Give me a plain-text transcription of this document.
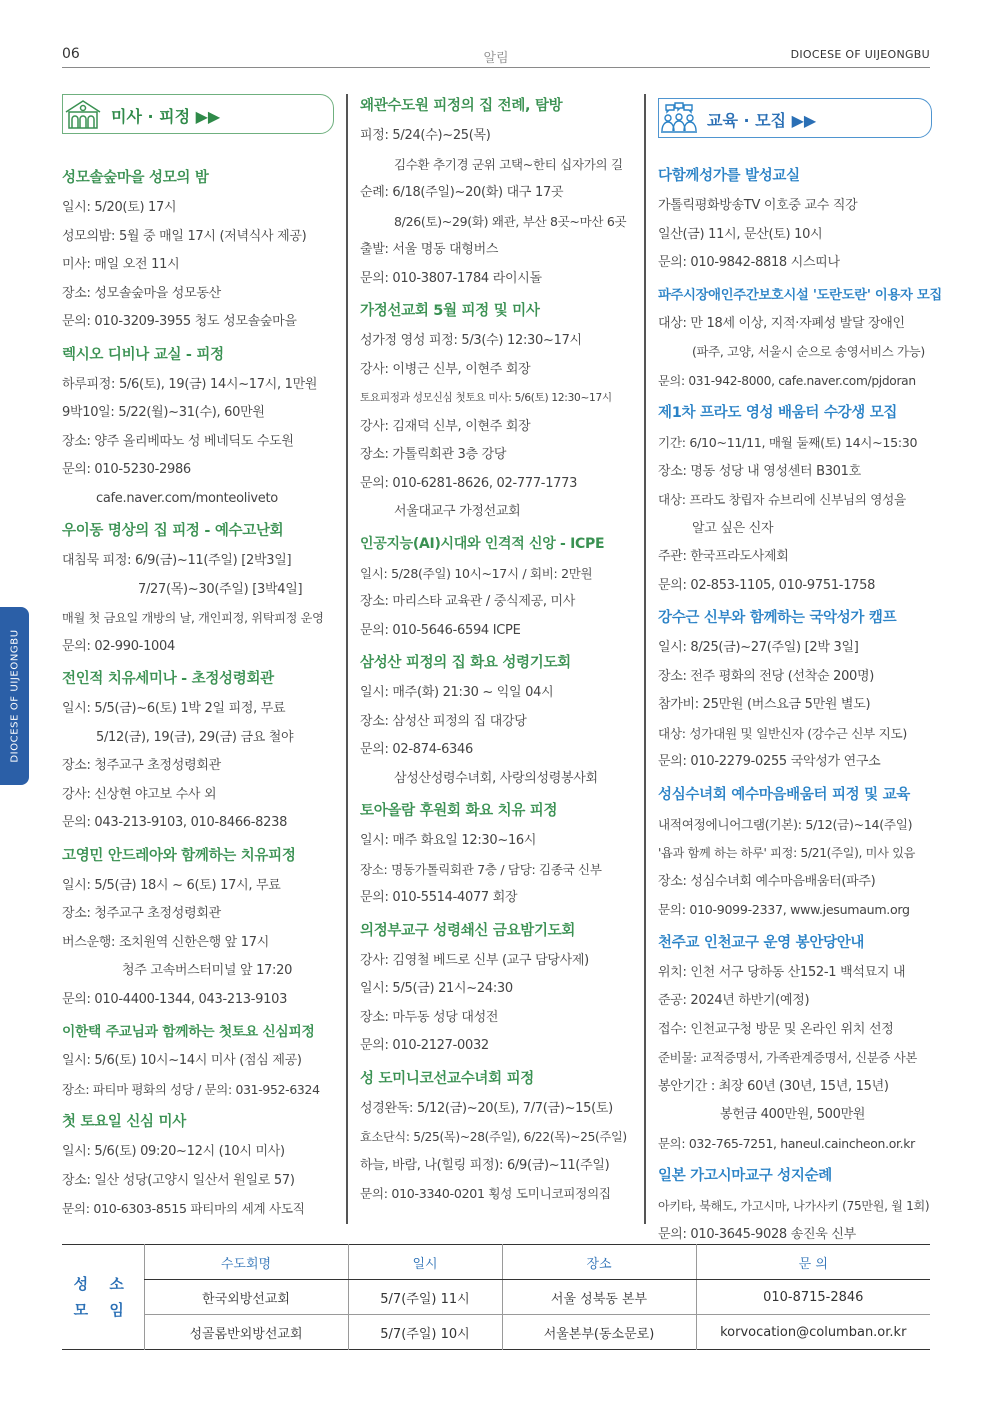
06	알림	DIOCESE OF UIJEONGBU
DIOCESE OF UIJEONGBU
미사 · 피정 ▶▶
성모솔숲마을 성모의 밤

일시: 5/20(토) 17시

성모의밤: 5월 중 매일 17시 (저녁식사 제공)

미사: 매일 오전 11시

장소: 성모솔숲마을 성모동산

문의: 010-3209-3955 청도 성모솔숲마을

렉시오 디비나 교실 - 피정

하루피정: 5/6(토), 19(금) 14시~17시, 1만원

9박10일: 5/22(월)~31(수), 60만원

장소: 양주 올리베따노 성 베네딕도 수도원

문의: 010-5230-2986

cafe.naver.com/monteoliveto

우이동 명상의 집 피정 - 예수고난회

대침묵 피정: 6/9(금)~11(주일) [2박3일]

7/27(목)~30(주일) [3박4일]

매월 첫 금요일 개방의 날, 개인피정, 위탁피정 운영

문의: 02-990-1004

전인적 치유세미나 - 초정성령회관

일시: 5/5(금)~6(토) 1박 2일 피정, 무료

5/12(금), 19(금), 29(금) 금요 철야

장소: 청주교구 초정성령회관

강사: 신상현 야고보 수사 외

문의: 043-213-9103, 010-8466-8238

고영민 안드레아와 함께하는 치유피정

일시: 5/5(금) 18시 ~ 6(토) 17시, 무료

장소: 청주교구 초정성령회관

버스운행: 조치원역 신한은행 앞 17시

청주 고속버스터미널 앞 17:20

문의: 010-4400-1344, 043-213-9103

이한택 주교님과 함께하는 첫토요 신심피정

일시: 5/6(토) 10시~14시 미사 (점심 제공)

장소: 파티마 평화의 성당 / 문의: 031-952-6324

첫 토요일 신심 미사

일시: 5/6(토) 09:20~12시 (10시 미사)

장소: 일산 성당(고양시 일산서 원일로 57)

문의: 010-6303-8515 파티마의 세계 사도직

왜관수도원 피정의 집 전례, 탐방

피정: 5/24(수)~25(목)

김수환 추기경 군위 고택~한티 십자가의 길

순례: 6/18(주일)~20(화) 대구 17곳

8/26(토)~29(화) 왜관, 부산 8곳~마산 6곳

출발: 서울 명동 대형버스

문의: 010-3807-1784 라이시돌

가정선교회 5월 피정 및 미사

성가정 영성 피정: 5/3(수) 12:30~17시

강사: 이병근 신부, 이현주 회장

토요피정과 성모신심 첫토요 미사: 5/6(토) 12:30~17시

강사: 김재덕 신부, 이현주 회장

장소: 가톨릭회관 3층 강당

문의: 010-6281-8626, 02-777-1773

서울대교구 가정선교회

인공지능(AI)시대와 인격적 신앙 - ICPE

일시: 5/28(주일) 10시~17시 / 회비: 2만원

장소: 마리스타 교육관 / 중식제공, 미사

문의: 010-5646-6594 ICPE

삼성산 피정의 집 화요 성령기도회

일시: 매주(화) 21:30 ~ 익일 04시

장소: 삼성산 피정의 집 대강당

문의: 02-874-6346

삼성산성령수녀회, 사랑의성령봉사회

토아올람 후원회 화요 치유 피정

일시: 매주 화요일 12:30~16시

장소: 명동가톨릭회관 7층 / 담당: 김종국 신부

문의: 010-5514-4077 회장

의정부교구 성령쇄신 금요밤기도회

강사: 김영철 베드로 신부 (교구 담당사제)

일시: 5/5(금) 21시~24:30

장소: 마두동 성당 대성전

문의: 010-2127-0032

성 도미니코선교수녀회 피정

성경완독: 5/12(금)~20(토), 7/7(금)~15(토)

효소단식: 5/25(목)~28(주일), 6/22(목)~25(주일)

하늘, 바람, 나(힐링 피정): 6/9(금)~11(주일)

문의: 010-3340-0201 횡성 도미니코피정의집

교육 · 모집 ▶▶
다함께성가를 발성교실

가톨릭평화방송TV 이호중 교수 직강

일산(금) 11시, 문산(토) 10시

문의: 010-9842-8818 시스띠나

파주시장애인주간보호시설 '도란도란' 이용자 모집

대상: 만 18세 이상, 지적·자폐성 발달 장애인

(파주, 고양, 서울시 순으로 송영서비스 가능)

문의: 031-942-8000, cafe.naver.com/pjdoran

제1차 프라도 영성 배움터 수강생 모집

기간: 6/10~11/11, 매월 둘째(토) 14시~15:30

장소: 명동 성당 내 영성센터 B301호

대상: 프라도 창립자 슈브리에 신부님의 영성을

알고 싶은 신자

주관: 한국프라도사제회

문의: 02-853-1105, 010-9751-1758

강수근 신부와 함께하는 국악성가 캠프

일시: 8/25(금)~27(주일) [2박 3일]

장소: 전주 평화의 전당 (선착순 200명)

참가비: 25만원 (버스요금 5만원 별도)

대상: 성가대원 및 일반신자 (강수근 신부 지도)

문의: 010-2279-0255 국악성가 연구소

성심수녀회 예수마음배움터 피정 및 교육

내적여정에니어그램(기본): 5/12(금)~14(주일)

'욥과 함께 하는 하루' 피정: 5/21(주일), 미사 있음

장소: 성심수녀회 예수마음배움터(파주)

문의: 010-9099-2337, www.jesumaum.org

천주교 인천교구 운영 봉안당안내

위치: 인천 서구 당하동 산152-1 백석묘지 내

준공: 2024년 하반기(예정)

접수: 인천교구청 방문 및 온라인 위치 선정

준비물: 교적증명서, 가족관계증명서, 신분증 사본

봉안기간 : 최장 60년 (30년, 15년, 15년)

봉헌금 400만원, 500만원

문의: 032-765-7251, haneul.caincheon.or.kr

일본 가고시마교구 성지순례

아키타, 북해도, 가고시마, 나가사키 (75만원, 월 1회)

문의: 010-3645-9028 송진욱 신부

성 소 모 임	수도회명	일시	장소	문 의
	한국외방선교회	5/7(주일) 11시	서울 성북동 본부	010-8715-2846
	성골롬반외방선교회	5/7(주일) 10시	서울본부(동소문로)	korvocation@columban.or.kr
